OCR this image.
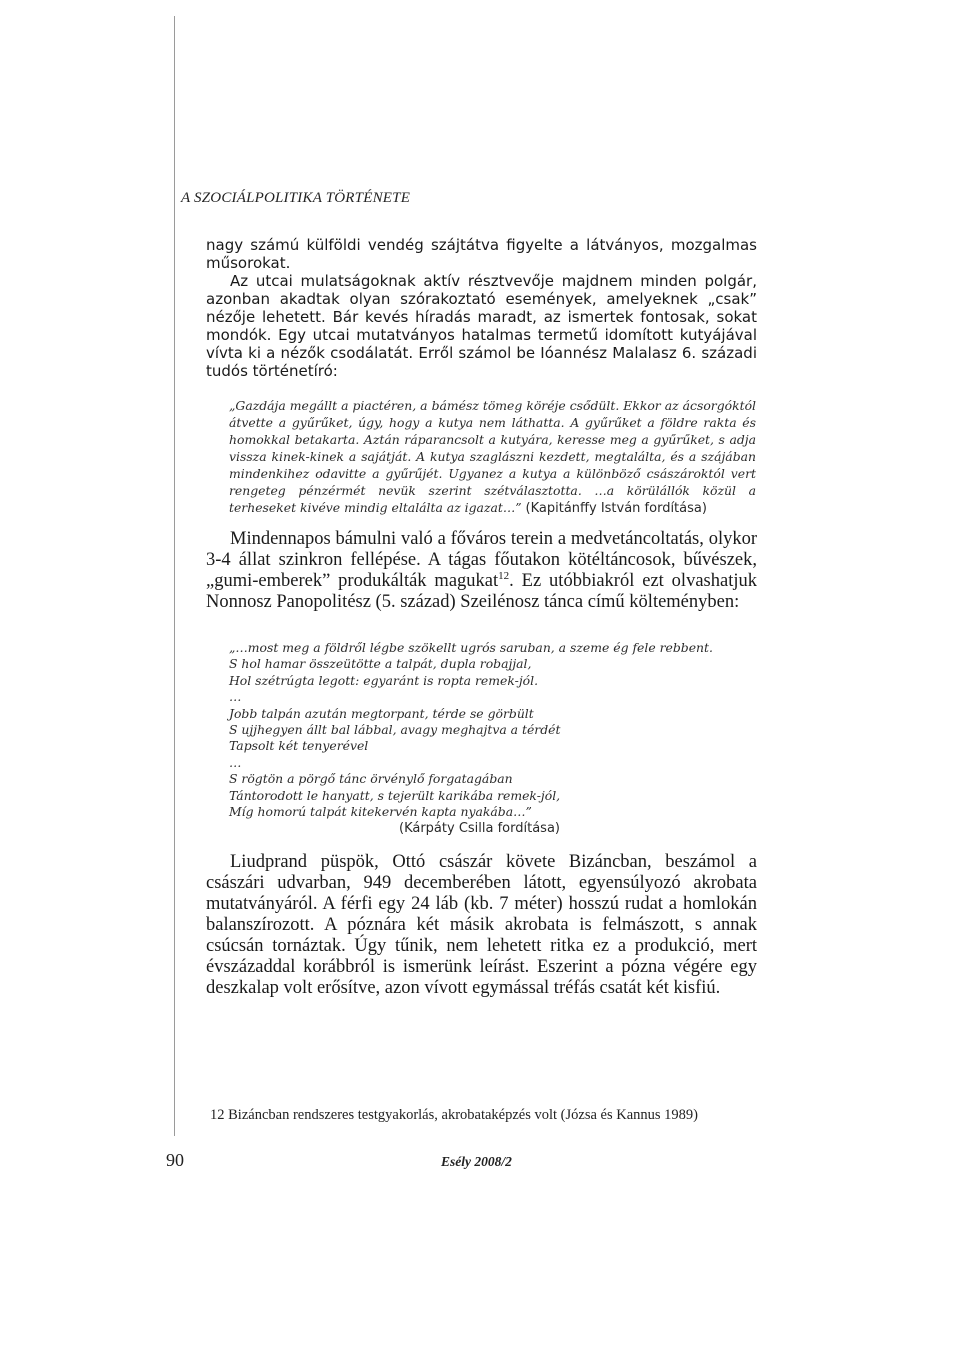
A SZOCIÁLPOLITIKA TÖRTÉNETE

nagy számú külföldi vendég szájtátva figyelte a látványos, mozgalmas műsorokat.

Az utcai mulatságoknak aktív résztvevője majdnem minden polgár, azonban akadtak olyan szórakoztató események, amelyeknek „csak” nézője lehetett. Bár kevés híradás maradt, az ismertek fontosak, sokat mondók. Egy utcai mutatványos hatalmas termetű idomított kutyájával vívta ki a nézők csodálatát. Erről számol be Ióannész Malalasz 6. századi tudós történetíró:

„Gazdája megállt a piactéren, a bámész tömeg köréje csődült. Ekkor az ácsorgóktól átvette a gyűrűket, úgy, hogy a kutya nem láthatta. A gyűrűket a földre rakta és homokkal betakarta. Aztán ráparancsolt a kutyára, keresse meg a gyűrűket, s adja vissza kinek-kinek a sajátját. A kutya szaglászni kezdett, megtalálta, és a szájában mindenkihez odavitte a gyűrűjét. Ugyanez a kutya a különböző császároktól vert rengeteg pénzérmét nevük szerint szétválasztotta. …a körülállók közül a terheseket kivéve mindig eltalálta az igazat…” (Kapitánffy István fordítása)

Mindennapos bámulni való a főváros terein a medvetáncoltatás, olykor 3-4 állat szinkron fellépése. A tágas főutakon kötéltáncosok, bűvészek, „gumi-emberek” produkálták magukat$^{12}$. Ez utóbbiakról ezt olvashatjuk Nonnosz Panopolitész (5. század) Szeilénosz tánca című költeményben:

„…most meg a földről légbe szökellt ugrós saruban, a szeme ég fele rebbent.
S hol hamar összeütötte a talpát, dupla robajjal,
Hol szétrúgta legott: egyaránt is ropta remek-jól.
…
Jobb talpán azután megtorpant, térde se görbült
S ujjhegyen állt bal lábbal, avagy meghajtva a térdét
Tapsolt két tenyerével
…
S rögtön a pörgő tánc örvénylő forgatagában
Tántorodott le hanyatt, s tejerült karikába remek-jól,
Míg homorú talpát kitekervén kapta nyakába…”
(Kárpáty Csilla fordítása)

Liudprand püspök, Ottó császár követe Bizáncban, beszámol a császári udvarban, 949 decemberében látott, egyensúlyozó akrobata mutatványáról. A férfi egy 24 láb (kb. 7 méter) hosszú rudat a homlokán balanszírozott. A póznára két másik akrobata is felmászott, s annak csúcsán tornáztak. Úgy tűnik, nem lehetett ritka ez a produkció, mert évszázaddal korábbról is ismerünk leírást. Eszerint a pózna végére egy deszkalap volt erősítve, azon vívott egymással tréfás csatát két kisfiú.

12 Bizáncban rendszeres testgyakorlás, akrobataképzés volt (Józsa és Kannus 1989)
90	Esély 2008/2
